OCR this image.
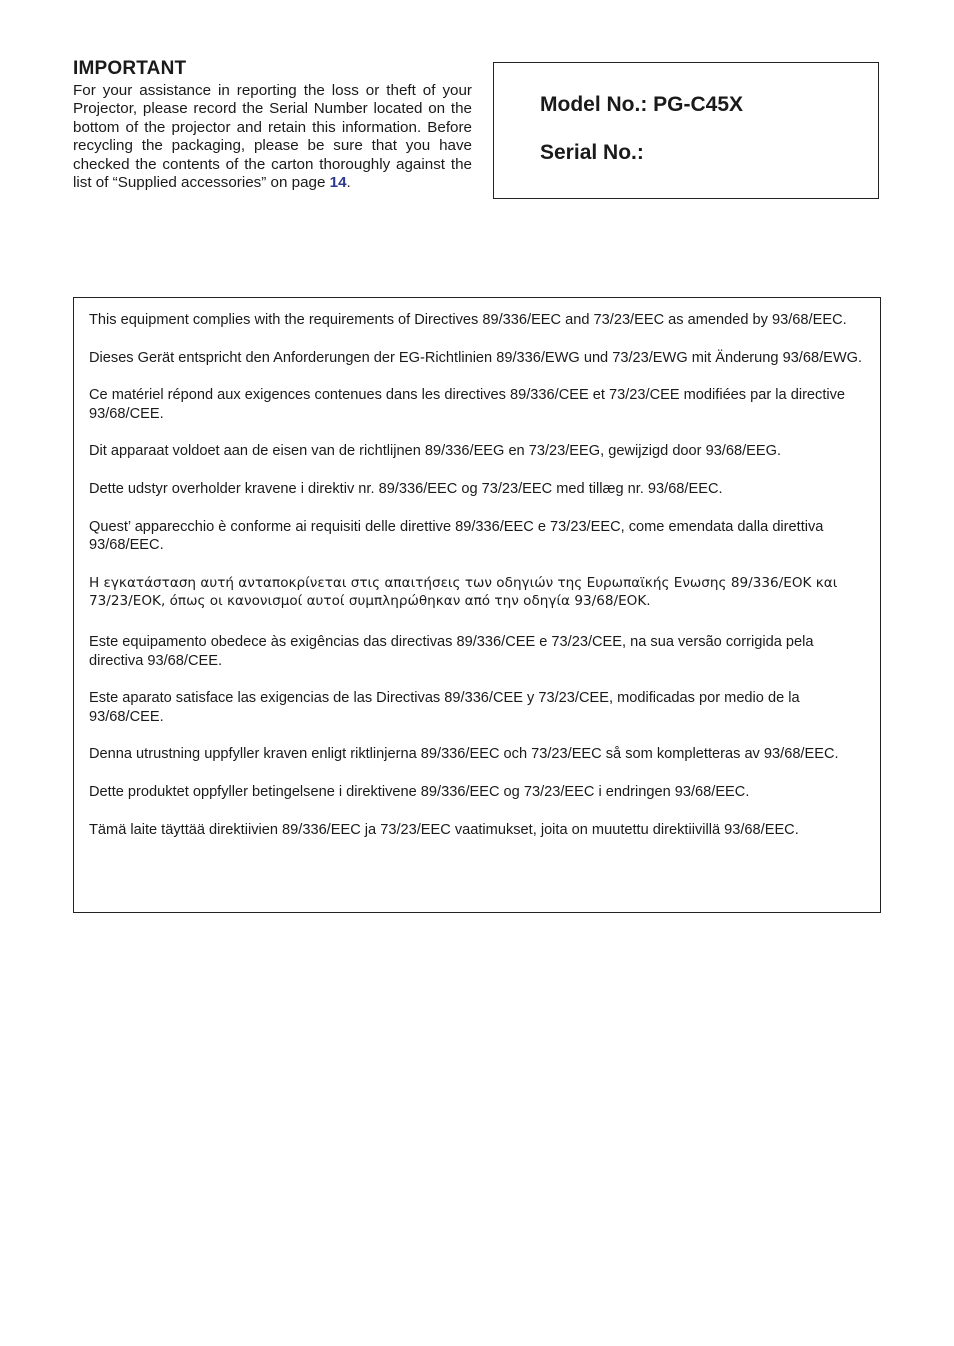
IMPORTANT

For your assistance in reporting the loss or theft of your Projector, please record the Serial Number located on the bottom of the projector and retain this information. Before recycling the packaging, please be sure that you have checked the contents of the carton thoroughly against the list of “Supplied accessories” on page 14.

Model No.: PG-C45X

Serial No.:

This equipment complies with the requirements of Directives 89/336/EEC and 73/23/EEC as amended by 93/68/EEC.

Dieses Gerät entspricht den Anforderungen der EG-Richtlinien 89/336/EWG und 73/23/EWG mit Änderung 93/68/EWG.

Ce matériel répond aux exigences contenues dans les directives 89/336/CEE et 73/23/CEE modifiées par la directive 93/68/CEE.

Dit apparaat voldoet aan de eisen van de richtlijnen 89/336/EEG en 73/23/EEG, gewijzigd door 93/68/EEG.

Dette udstyr overholder kravene i direktiv nr. 89/336/EEC og 73/23/EEC med tillæg nr. 93/68/EEC.

Quest’ apparecchio è conforme ai requisiti delle direttive 89/336/EEC e 73/23/EEC, come emendata dalla direttiva 93/68/EEC.

Η εγκατάσταση αυτή ανταποκρίνεται στις απαιτήσεις των οδηγιών της Ευρωπαϊκής Ενωσης 89/336/ΕΟΚ και 73/23/ΕΟΚ, όπως οι κανονισμοί αυτοί συμπληρώθηκαν από την οδηγία 93/68/ΕΟΚ.

Este equipamento obedece às exigências das directivas 89/336/CEE e 73/23/CEE, na sua versão corrigida pela directiva 93/68/CEE.

Este aparato satisface las exigencias de las Directivas 89/336/CEE y 73/23/CEE, modificadas por medio de la 93/68/CEE.

Denna utrustning uppfyller kraven enligt riktlinjerna 89/336/EEC och 73/23/EEC så som kompletteras av 93/68/EEC.

Dette produktet oppfyller betingelsene i direktivene 89/336/EEC og 73/23/EEC i endringen 93/68/EEC.

Tämä laite täyttää direktiivien 89/336/EEC ja 73/23/EEC vaatimukset, joita on muutettu direktiivillä 93/68/EEC.
